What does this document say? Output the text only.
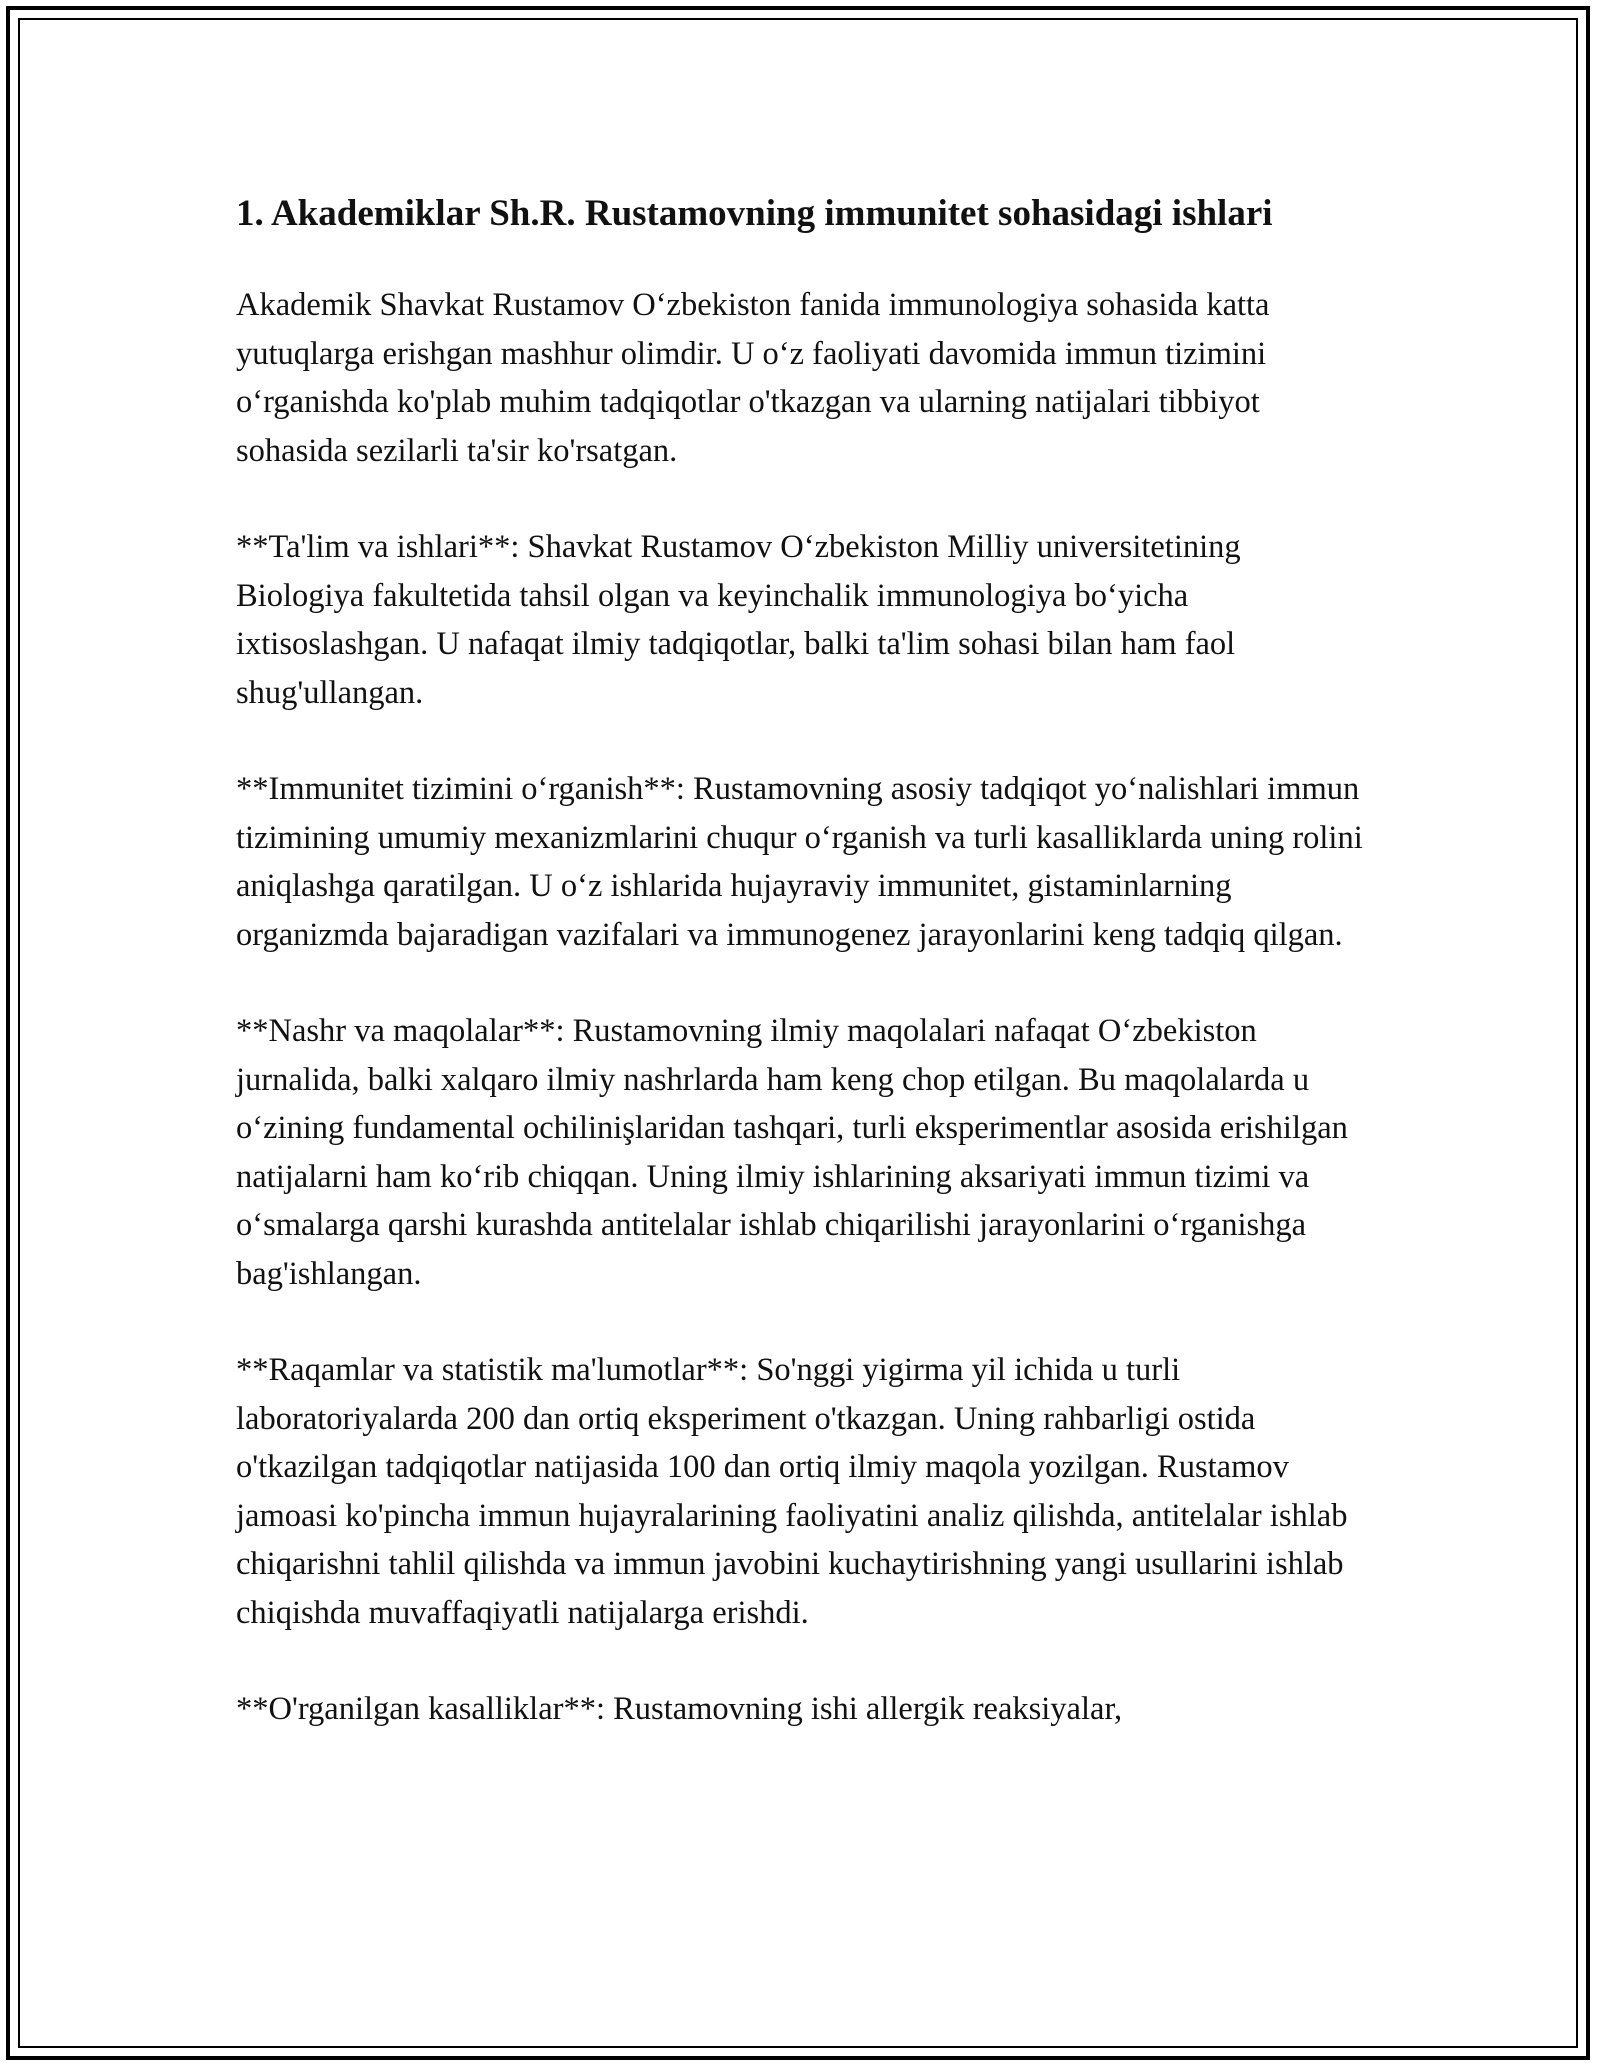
1. Akademiklar Sh.R. Rustamovning immunitet sohasidagi ishlari

Akademik Shavkat Rustamov O‘zbekiston fanida immunologiya sohasida katta yutuqlarga erishgan mashhur olimdir. U o‘z faoliyati davomida immun tizimini o‘rganishda ko'plab muhim tadqiqotlar o'tkazgan va ularning natijalari tibbiyot sohasida sezilarli ta'sir ko'rsatgan.

**Ta'lim va ishlari**: Shavkat Rustamov O‘zbekiston Milliy universitetining Biologiya fakultetida tahsil olgan va keyinchalik immunologiya bo‘yicha ixtisoslashgan. U nafaqat ilmiy tadqiqotlar, balki ta'lim sohasi bilan ham faol shug'ullangan.

**Immunitet tizimini o‘rganish**: Rustamovning asosiy tadqiqot yo‘nalishlari immun tizimining umumiy mexanizmlarini chuqur o‘rganish va turli kasalliklarda uning rolini aniqlashga qaratilgan. U o‘z ishlarida hujayraviy immunitet, gistaminlarning organizmda bajaradigan vazifalari va immunogenez jarayonlarini keng tadqiq qilgan.

**Nashr va maqolalar**: Rustamovning ilmiy maqolalari nafaqat O‘zbekiston jurnalida, balki xalqaro ilmiy nashrlarda ham keng chop etilgan. Bu maqolalarda u o‘zining fundamental ochilinişlaridan tashqari, turli eksperimentlar asosida erishilgan natijalarni ham ko‘rib chiqqan. Uning ilmiy ishlarining aksariyati immun tizimi va o‘smalarga qarshi kurashda antitelalar ishlab chiqarilishi jarayonlarini o‘rganishga bag'ishlangan.

**Raqamlar va statistik ma'lumotlar**: So'nggi yigirma yil ichida u turli laboratoriyalarda 200 dan ortiq eksperiment o'tkazgan. Uning rahbarligi ostida o'tkazilgan tadqiqotlar natijasida 100 dan ortiq ilmiy maqola yozilgan. Rustamov jamoasi ko'pincha immun hujayralarining faoliyatini analiz qilishda, antitelalar ishlab chiqarishni tahlil qilishda va immun javobini kuchaytirishning yangi usullarini ishlab chiqishda muvaffaqiyatli natijalarga erishdi.

**O'rganilgan kasalliklar**: Rustamovning ishi allergik reaksiyalar,
